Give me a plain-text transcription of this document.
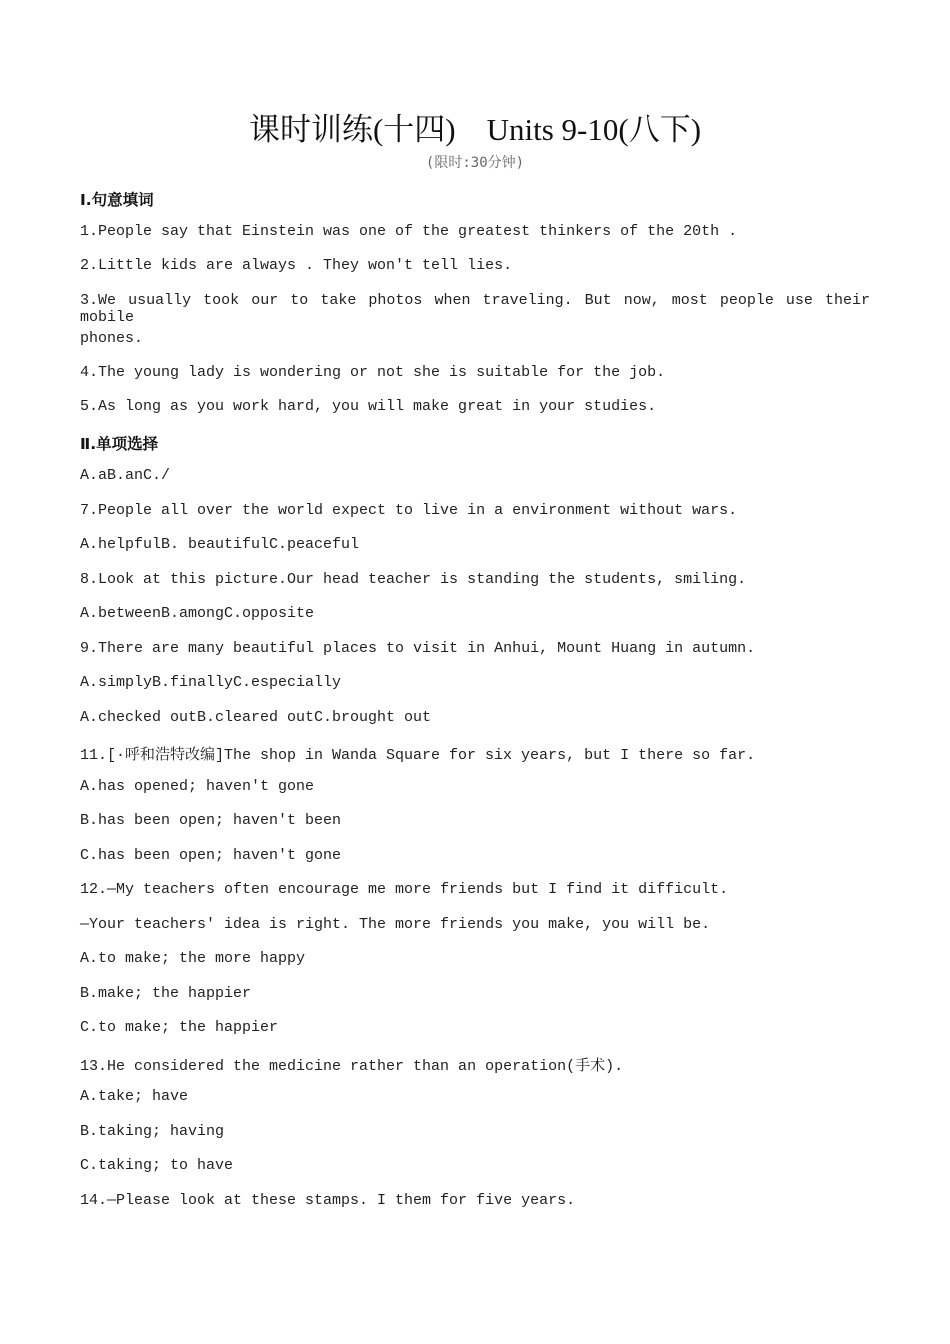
课时训练(十四)    Units 9-10(八下)
(限时:30分钟)
Ⅰ.句意填词
1.People say that Einstein was one of the greatest thinkers of the 20th .
2.Little kids are always . They won't tell lies.
3.We usually took our to take photos when traveling. But now, most people use their mobile
phones.
4.The young lady is wondering or not she is suitable for the job.
5.As long as you work hard, you will make great in your studies.
Ⅱ.单项选择
A.aB.anC./
7.People all over the world expect to live in a environment without wars.
A.helpfulB. beautifulC.peaceful
8.Look at this picture.Our head teacher is standing the students, smiling.
A.betweenB.amongC.opposite
9.There are many beautiful places to visit in Anhui, Mount Huang in autumn.
A.simplyB.finallyC.especially
A.checked outB.cleared outC.brought out
11.[·呼和浩特改编]The shop in Wanda Square for six years, but I there so far.
A.has opened; haven't gone
B.has been open; haven't been
C.has been open; haven't gone
12.—My teachers often encourage me more friends but I find it difficult.
—Your teachers' idea is right. The more friends you make, you will be.
A.to make; the more happy
B.make; the happier
C.to make; the happier
13.He considered the medicine rather than an operation(手术).
A.take; have
B.taking; having
C.taking; to have
14.—Please look at these stamps. I them for five years.
